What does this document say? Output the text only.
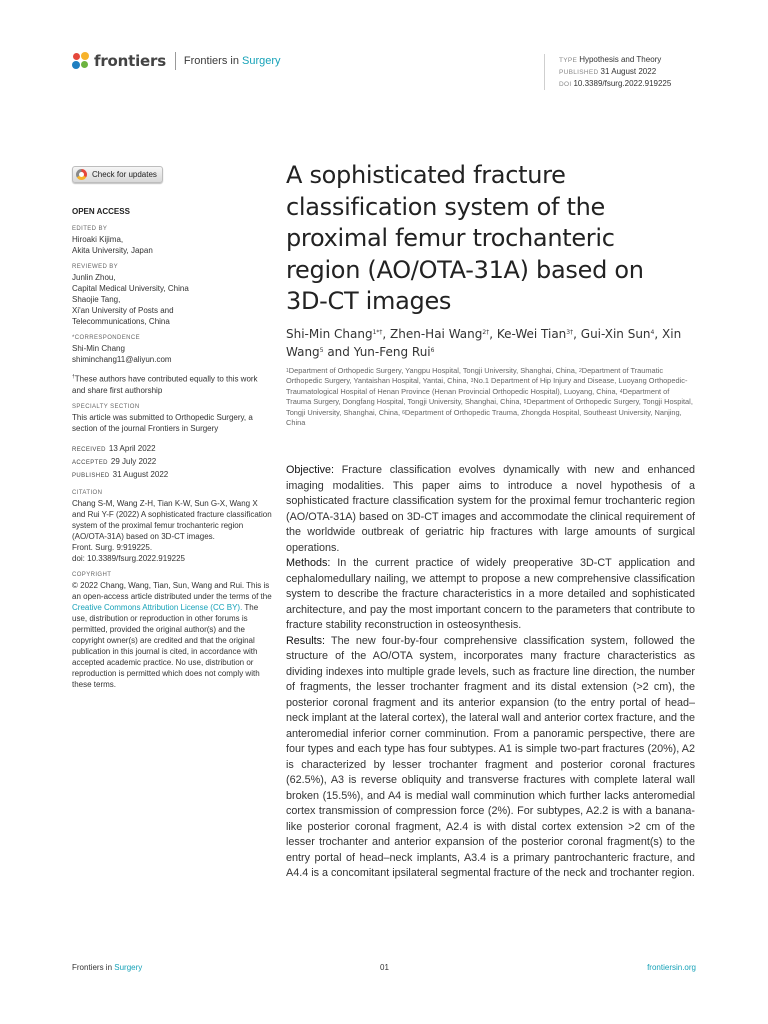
frontiers Frontiers in Surgery	TYPE Hypothesis and Theory
PUBLISHED 31 August 2022
DOI 10.3389/fsurg.2022.919225
Check for updates
OPEN ACCESS
EDITED BY
Hiroaki Kijima,
Akita University, Japan
REVIEWED BY
Junlin Zhou,
Capital Medical University, China
Shaojie Tang,
Xi'an University of Posts and
Telecommunications, China
*CORRESPONDENCE
Shi-Min Chang
shiminchang11@aliyun.com
†These authors have contributed equally to this work and share first authorship
SPECIALTY SECTION
This article was submitted to Orthopedic Surgery, a section of the journal Frontiers in Surgery
RECEIVED 13 April 2022
ACCEPTED 29 July 2022
PUBLISHED 31 August 2022
CITATION
Chang S-M, Wang Z-H, Tian K-W, Sun G-X, Wang X and Rui Y-F (2022) A sophisticated fracture classification system of the proximal femur trochanteric region (AO/OTA-31A) based on 3D-CT images.
Front. Surg. 9:919225.
doi: 10.3389/fsurg.2022.919225
COPYRIGHT
© 2022 Chang, Wang, Tian, Sun, Wang and Rui. This is an open-access article distributed under the terms of the Creative Commons Attribution License (CC BY). The use, distribution or reproduction in other forums is permitted, provided the original author(s) and the copyright owner(s) are credited and that the original publication in this journal is cited, in accordance with accepted academic practice. No use, distribution or reproduction is permitted which does not comply with these terms.
A sophisticated fracture classification system of the proximal femur trochanteric region (AO/OTA-31A) based on 3D-CT images
Shi-Min Chang$^{1*\dagger}$, Zhen-Hai Wang$^{2\dagger}$, Ke-Wei Tian$^{3\dagger}$, Gui-Xin Sun$^4$, Xin Wang$^5$ and Yun-Feng Rui$^6$
$^1$Department of Orthopedic Surgery, Yangpu Hospital, Tongji University, Shanghai, China, $^2$Department of Traumatic Orthopedic Surgery, Yantaishan Hospital, Yantai, China, $^3$No.1 Department of Hip Injury and Disease, Luoyang Orthopedic-Traumatological Hospital of Henan Province (Henan Provincial Orthopedic Hospital), Luoyang, China, $^4$Department of Trauma Surgery, Dongfang Hospital, Tongji University, Shanghai, China, $^5$Department of Orthopedic Surgery, Tongji Hospital, Tongji University, Shanghai, China, $^6$Department of Orthopedic Trauma, Zhongda Hospital, Southeast University, Nanjing, China

Objective: Fracture classification evolves dynamically with new and enhanced imaging modalities. This paper aims to introduce a novel hypothesis of a sophisticated fracture classification system for the proximal femur trochanteric region (AO/OTA-31A) based on 3D-CT images and accommodate the clinical requirement of the worldwide outbreak of geriatric hip fractures with large amounts of surgical operations.

Methods: In the current practice of widely preoperative 3D-CT application and cephalomedullary nailing, we attempt to propose a new comprehensive classification system to describe the fracture characteristics in a more detailed and sophisticated architecture, and pay the most important concern to the parameters that contribute to fracture stability reconstruction in osteosynthesis.

Results: The new four-by-four comprehensive classification system, followed the structure of the AO/OTA system, incorporates many fracture characteristics as dividing indexes into multiple grade levels, such as fracture line direction, the number of fragments, the lesser trochanter fragment and its distal extension (>2 cm), the posterior coronal fragment and its anterior expansion (to the entry portal of head–neck implant at the lateral cortex), the lateral wall and anterior cortex fracture, and the anteromedial inferior corner comminution. From a panoramic perspective, there are four types and each type has four subtypes. A1 is simple two-part fractures (20%), A2 is characterized by lesser trochanter fragment and posterior coronal fractures (62.5%), A3 is reverse obliquity and transverse fractures with complete lateral wall broken (15.5%), and A4 is medial wall comminution which further lacks anteromedial cortex transmission of compression force (2%). For subtypes, A2.2 is with a banana-like posterior coronal fragment, A2.4 is with distal cortex extension >2 cm of the lesser trochanter and anterior expansion of the posterior coronal fragment(s) to the entry portal of head–neck implants, A3.4 is a primary pantrochanteric fracture, and A4.4 is a concomitant ipsilateral segmental fracture of the neck and trochanter region.

Frontiers in Surgery	01	frontiersin.org
